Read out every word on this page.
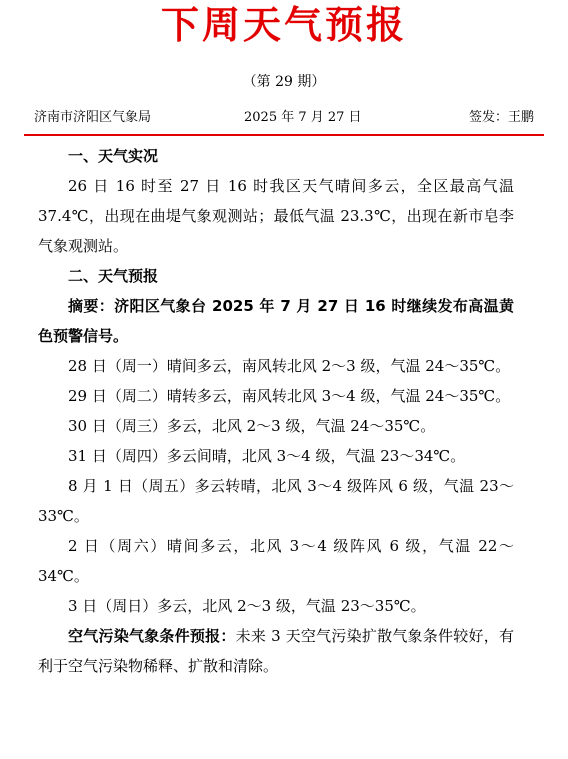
下周天气预报
（第 29 期）
济南市济阳区气象局	2025 年 7 月 27 日	签发：王鹏

一、天气实况

26 日 16 时至 27 日 16 时我区天气晴间多云，全区最高气温 37.4℃，出现在曲堤气象观测站；最低气温 23.3℃，出现在新市皂李气象观测站。

二、天气预报

摘要：济阳区气象台 2025 年 7 月 27 日 16 时继续发布高温黄色预警信号。

28 日（周一）晴间多云，南风转北风 2～3 级，气温 24～35℃。

29 日（周二）晴转多云，南风转北风 3～4 级，气温 24～35℃。

30 日（周三）多云，北风 2～3 级，气温 24～35℃。

31 日（周四）多云间晴，北风 3～4 级，气温 23～34℃。

8 月 1 日（周五）多云转晴，北风 3～4 级阵风 6 级，气温 23～33℃。

2 日（周六）晴间多云，北风 3～4 级阵风 6 级，气温 22～34℃。

3 日（周日）多云，北风 2～3 级，气温 23～35℃。

空气污染气象条件预报：未来 3 天空气污染扩散气象条件较好，有利于空气污染物稀释、扩散和清除。
